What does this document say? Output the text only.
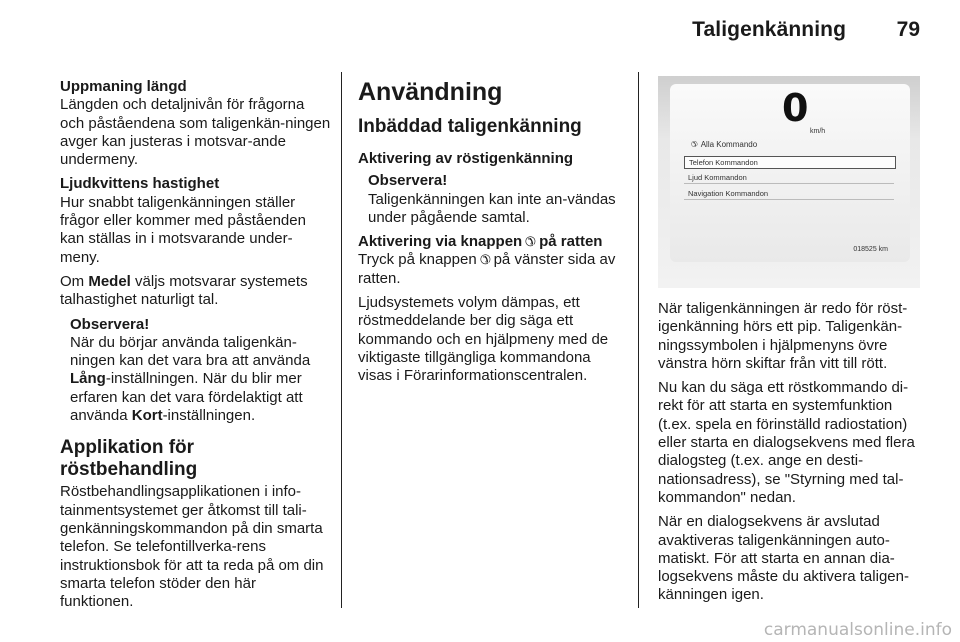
Taligenkänning 79

Uppmaning längd

Längden och detaljnivån för frågorna och påståendena som taligenkän-ningen avger kan justeras i motsvar-ande undermeny.

Ljudkvittens hastighet

Hur snabbt taligenkänningen ställer frågor eller kommer med påståenden kan ställas in i motsvarande under-meny.

Om Medel väljs motsvarar systemets talhastighet naturligt tal.

Observera!
När du börjar använda taligenkän-ningen kan det vara bra att använda Lång-inställningen. När du blir mer erfaren kan det vara fördelaktigt att använda Kort-inställningen.
Applikation för röstbehandling

Röstbehandlingsapplikationen i info-tainmentsystemet ger åtkomst till tali-genkänningskommandon på din smarta telefon. Se telefontillverka-rens instruktionsbok för att ta reda på om din smarta telefon stöder den här funktionen.

Användning
Inbäddad taligenkänning

Aktivering av röstigenkänning

Observera!
Taligenkänningen kan inte an-vändas under pågående samtal.

Aktivering via knappen ✆ på ratten

Tryck på knappen ✆ på vänster sida av ratten.

Ljudsystemets volym dämpas, ett röstmeddelande ber dig säga ett kommando och en hjälpmeny med de viktigaste tillgängliga kommandona visas i Förarinformationscentralen.

0
km/h
✆ Alla Kommando
Telefon Kommandon
Ljud Kommandon
Navigation Kommandon
018525 km

När taligenkänningen är redo för röst-igenkänning hörs ett pip. Taligenkän-ningssymbolen i hjälpmenyns övre vänstra hörn skiftar från vitt till rött.

Nu kan du säga ett röstkommando di-rekt för att starta en systemfunktion (t.ex. spela en förinställd radiostation) eller starta en dialogsekvens med flera dialogsteg (t.ex. ange en desti-nationsadress), se "Styrning med tal-kommandon" nedan.

När en dialogsekvens är avslutad avaktiveras taligenkänningen auto-matiskt. För att starta en annan dia-logsekvens måste du aktivera taligen-känningen igen.

carmanualsonline.info
